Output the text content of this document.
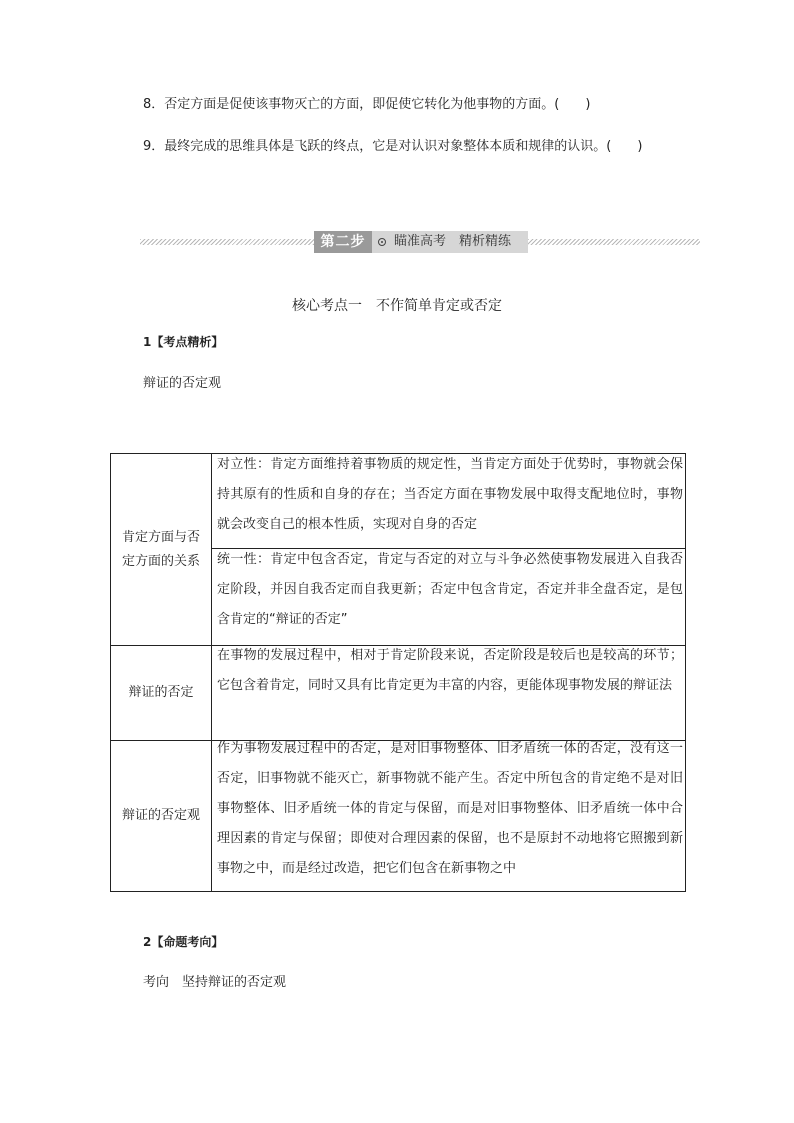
8．否定方面是促使该事物灭亡的方面，即促使它转化为他事物的方面。(　　)
9．最终完成的思维具体是飞跃的终点，它是对认识对象整体本质和规律的认识。(　　)
第二步	瞄准高考　精析精练
核心考点一　不作简单肯定或否定
1【考点精析】
辩证的否定观
肯定方面与否定方面的关系
对立性：肯定方面维持着事物质的规定性，当肯定方面处于优势时，事物就会保持其原有的性质和自身的存在；当否定方面在事物发展中取得支配地位时，事物就会改变自己的根本性质，实现对自身的否定
统一性：肯定中包含否定，肯定与否定的对立与斗争必然使事物发展进入自我否定阶段，并因自我否定而自我更新；否定中包含肯定，否定并非全盘否定，是包含肯定的“辩证的否定”
辩证的否定
在事物的发展过程中，相对于肯定阶段来说，否定阶段是较后也是较高的环节；它包含着肯定，同时又具有比肯定更为丰富的内容，更能体现事物发展的辩证法
辩证的否定观
作为事物发展过程中的否定，是对旧事物整体、旧矛盾统一体的否定，没有这一否定，旧事物就不能灭亡，新事物就不能产生。否定中所包含的肯定绝不是对旧事物整体、旧矛盾统一体的肯定与保留，而是对旧事物整体、旧矛盾统一体中合理因素的肯定与保留；即使对合理因素的保留，也不是原封不动地将它照搬到新事物之中，而是经过改造，把它们包含在新事物之中
2【命题考向】
考向　坚持辩证的否定观
